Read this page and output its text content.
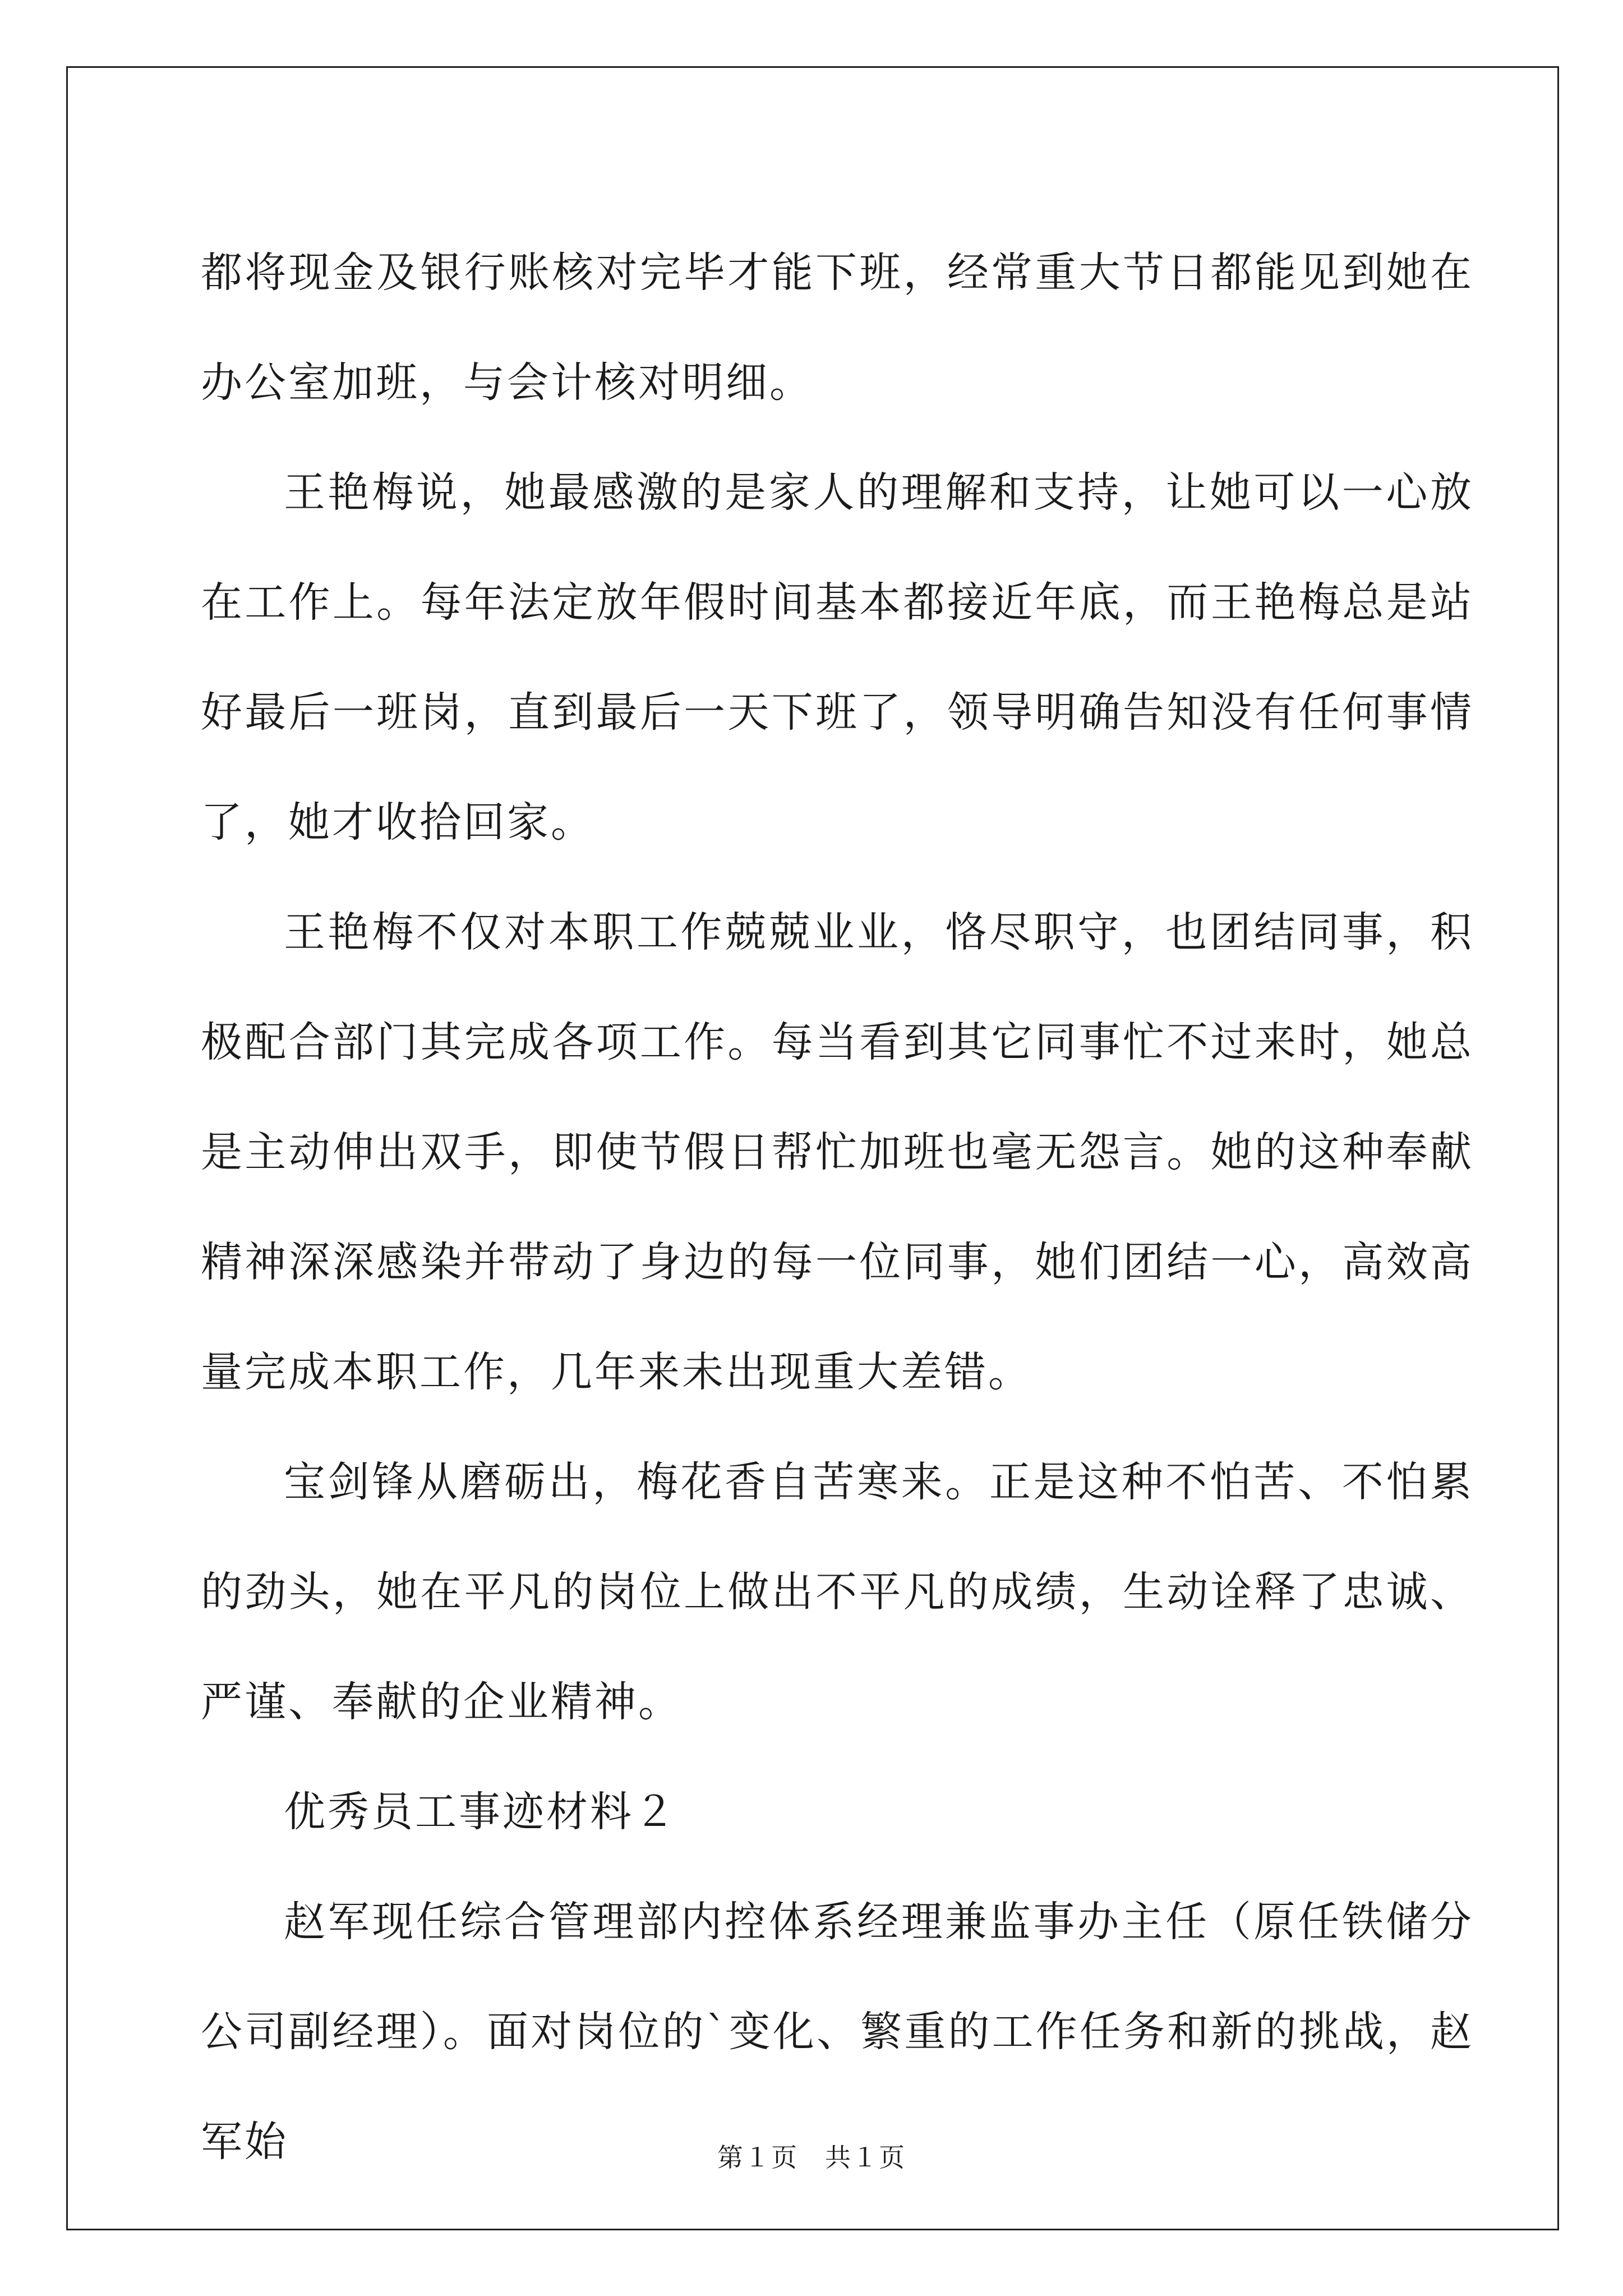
都将现金及银行账核对完毕才能下班，经常重大节日都能见到她在办公室加班，与会计核对明细。

王艳梅说，她最感激的是家人的理解和支持，让她可以一心放在工作上。每年法定放年假时间基本都接近年底，而王艳梅总是站好最后一班岗，直到最后一天下班了，领导明确告知没有任何事情了，她才收拾回家。

王艳梅不仅对本职工作兢兢业业，恪尽职守，也团结同事，积极配合部门其完成各项工作。每当看到其它同事忙不过来时，她总是主动伸出双手，即使节假日帮忙加班也毫无怨言。她的这种奉献精神深深感染并带动了身边的每一位同事，她们团结一心，高效高量完成本职工作，几年来未出现重大差错。

宝剑锋从磨砺出，梅花香自苦寒来。正是这种不怕苦、不怕累的劲头，她在平凡的岗位上做出不平凡的成绩，生动诠释了忠诚、严谨、奉献的企业精神。

优秀员工事迹材料２

赵军现任综合管理部内控体系经理兼监事办主任（原任铁储分公司副经理）。面对岗位的`变化、繁重的工作任务和新的挑战，赵军始	第１页　共１页
